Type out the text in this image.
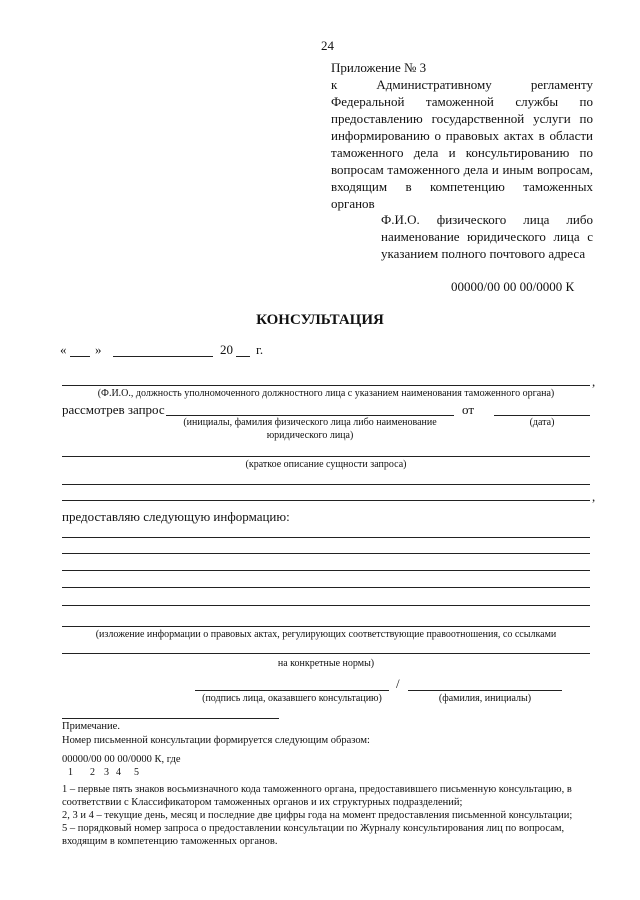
24
Приложение № 3
к Административному регламенту
Федеральной таможенной службы по
предоставлению государственной услуги по
информированию о правовых актах в области
таможенного дела и консультированию по
вопросам таможенного дела и иным вопросам,
входящим в компетенцию таможенных
органов
Ф.И.О. физического лица либо
наименование юридического лица с
указанием полного почтового адреса
00000/00 00 00/0000 К
КОНСУЛЬТАЦИЯ
« »	20 г.
,
(Ф.И.О., должность уполномоченного должностного лица с указанием наименования таможенного органа)
рассмотрев запрос	от
(инициалы, фамилия физического лица либо наименование
юридического лица)
(дата)
(краткое описание сущности запроса)
,
предоставляю следующую информацию:
(изложение информации о правовых актах, регулирующих соответствующие правоотношения, со ссылками
на конкретные нормы)
/
(подпись лица, оказавшего консультацию)	(фамилия, инициалы)
Примечание.
Номер письменной консультации формируется следующим образом:
00000/00 00 00/0000 К, где
1 2 3 4 5
1 – первые пять знаков восьмизначного кода таможенного органа, предоставившего письменную консультацию, в
соответствии с Классификатором таможенных органов и их структурных подразделений;
2, 3 и 4 – текущие день, месяц и последние две цифры года на момент предоставления письменной консультации;
5 – порядковый номер запроса о предоставлении консультации по Журналу консультирования лиц по вопросам,
входящим в компетенцию таможенных органов.
